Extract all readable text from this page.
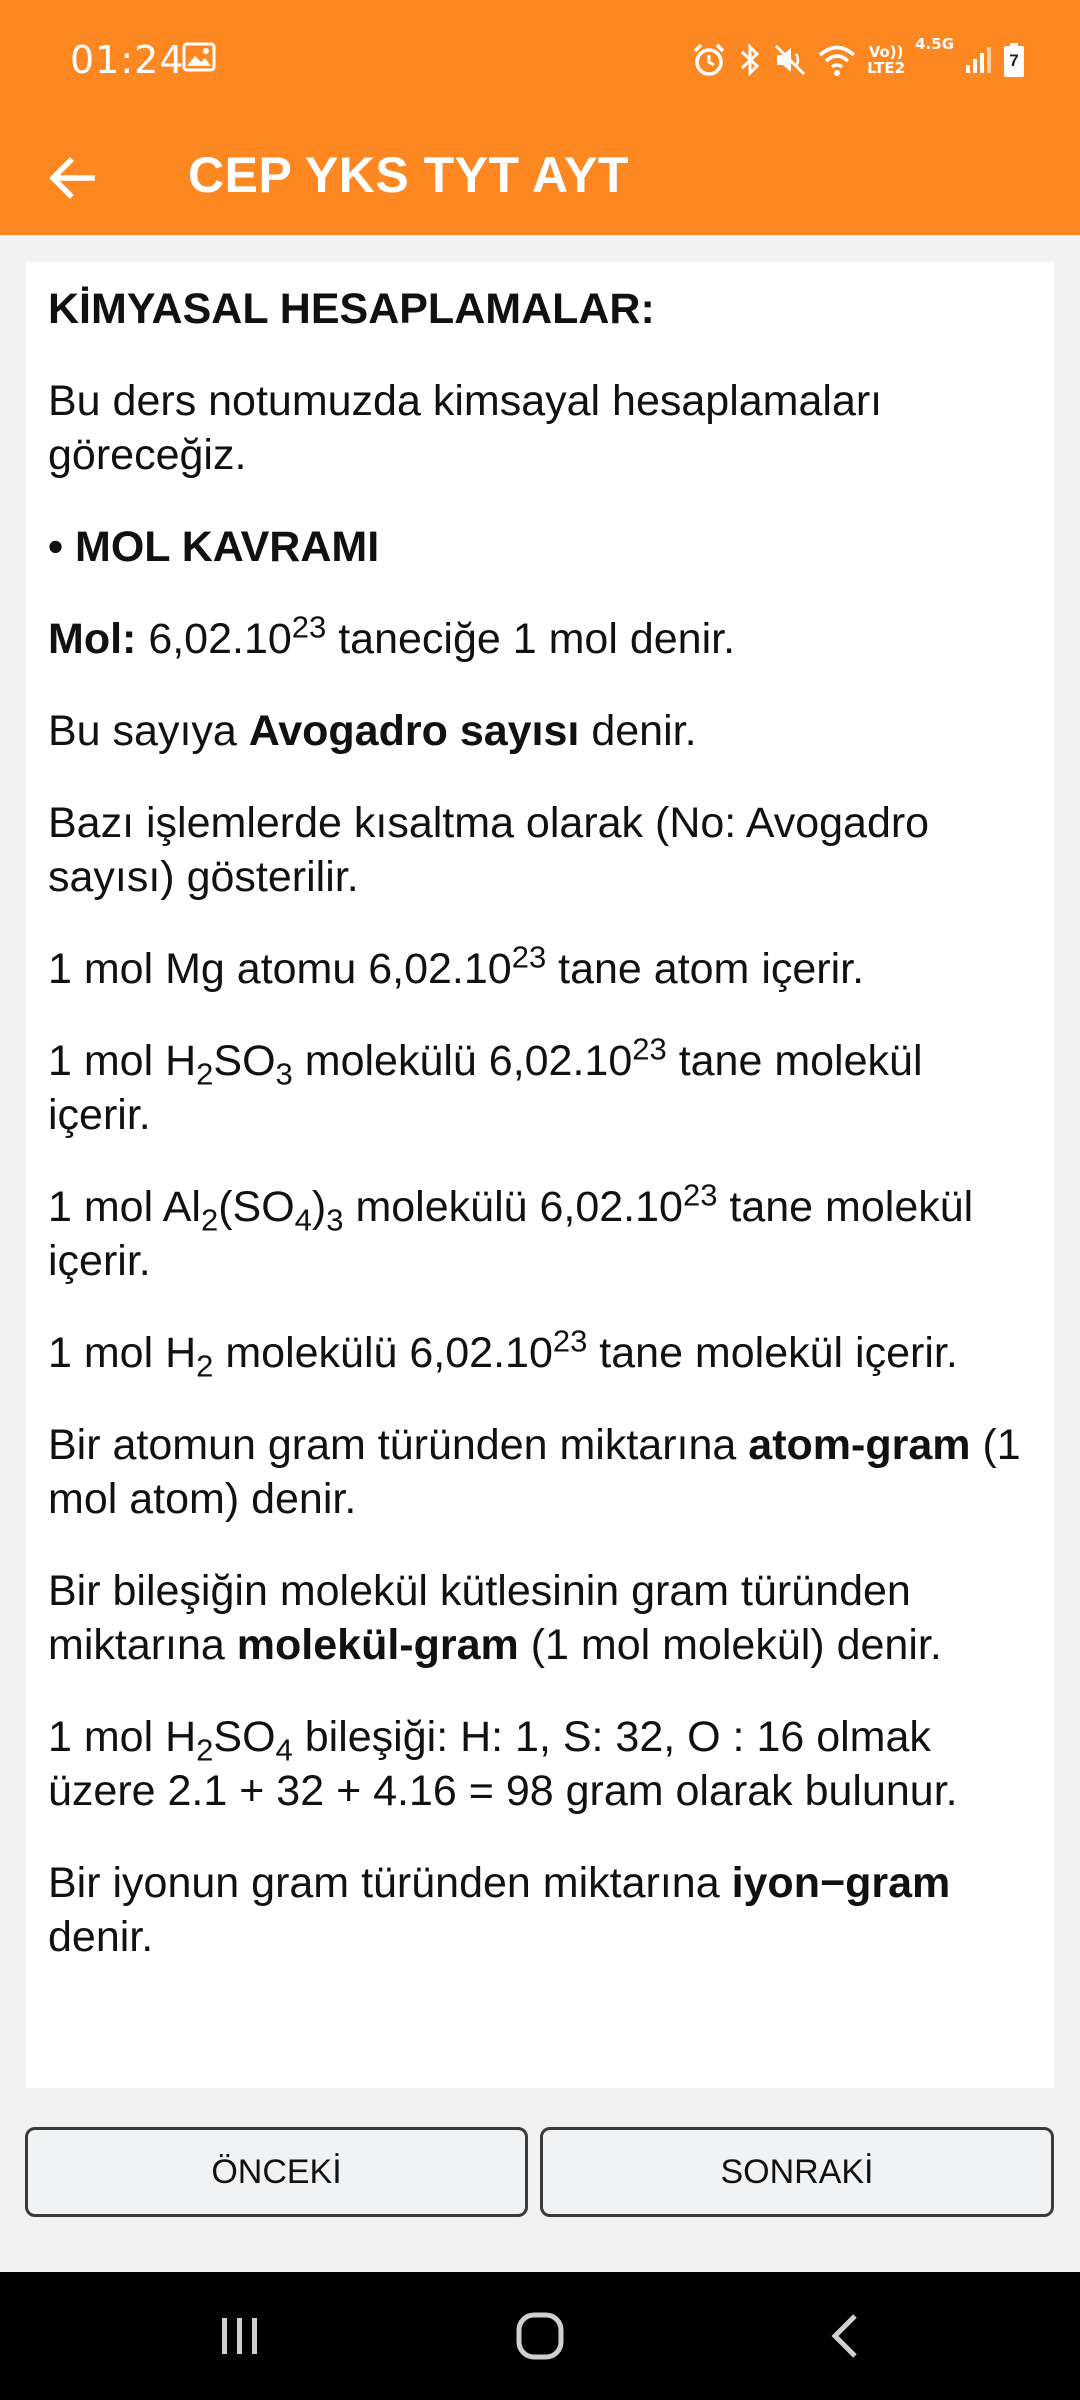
01:24	Vo))
LTE2
4.5G
7
CEP YKS TYT AYT

KİMYASAL HESAPLAMALAR:

Bu ders notumuzda kimsayal hesaplamaları göreceğiz.

• MOL KAVRAMI

Mol: 6,02.10$^{23}$ taneciğe 1 mol denir.

Bu sayıya Avogadro sayısı denir.

Bazı işlemlerde kısaltma olarak (No: Avogadro sayısı) gösterilir.

1 mol Mg atomu 6,02.10$^{23}$ tane atom içerir.

1 mol $H_2SO_3$ molekülü 6,02.10$^{23}$ tane molekül içerir.

1 mol $Al_2(SO_4)_3$ molekülü 6,02.10$^{23}$ tane molekül içerir.

1 mol $H_2$ molekülü 6,02.10$^{23}$ tane molekül içerir.

Bir atomun gram türünden miktarına atom-gram (1 mol atom) denir.

Bir bileşiğin molekül kütlesinin gram türünden miktarına molekül-gram (1 mol molekül) denir.

1 mol $H_2SO_4$ bileşiği: H: 1, S: 32, O : 16 olmak üzere 2.1 + 32 + 4.16 = 98 gram olarak bulunur.

Bir iyonun gram türünden miktarına iyon−gram denir.

ÖNCEKİ	SONRAKİ
